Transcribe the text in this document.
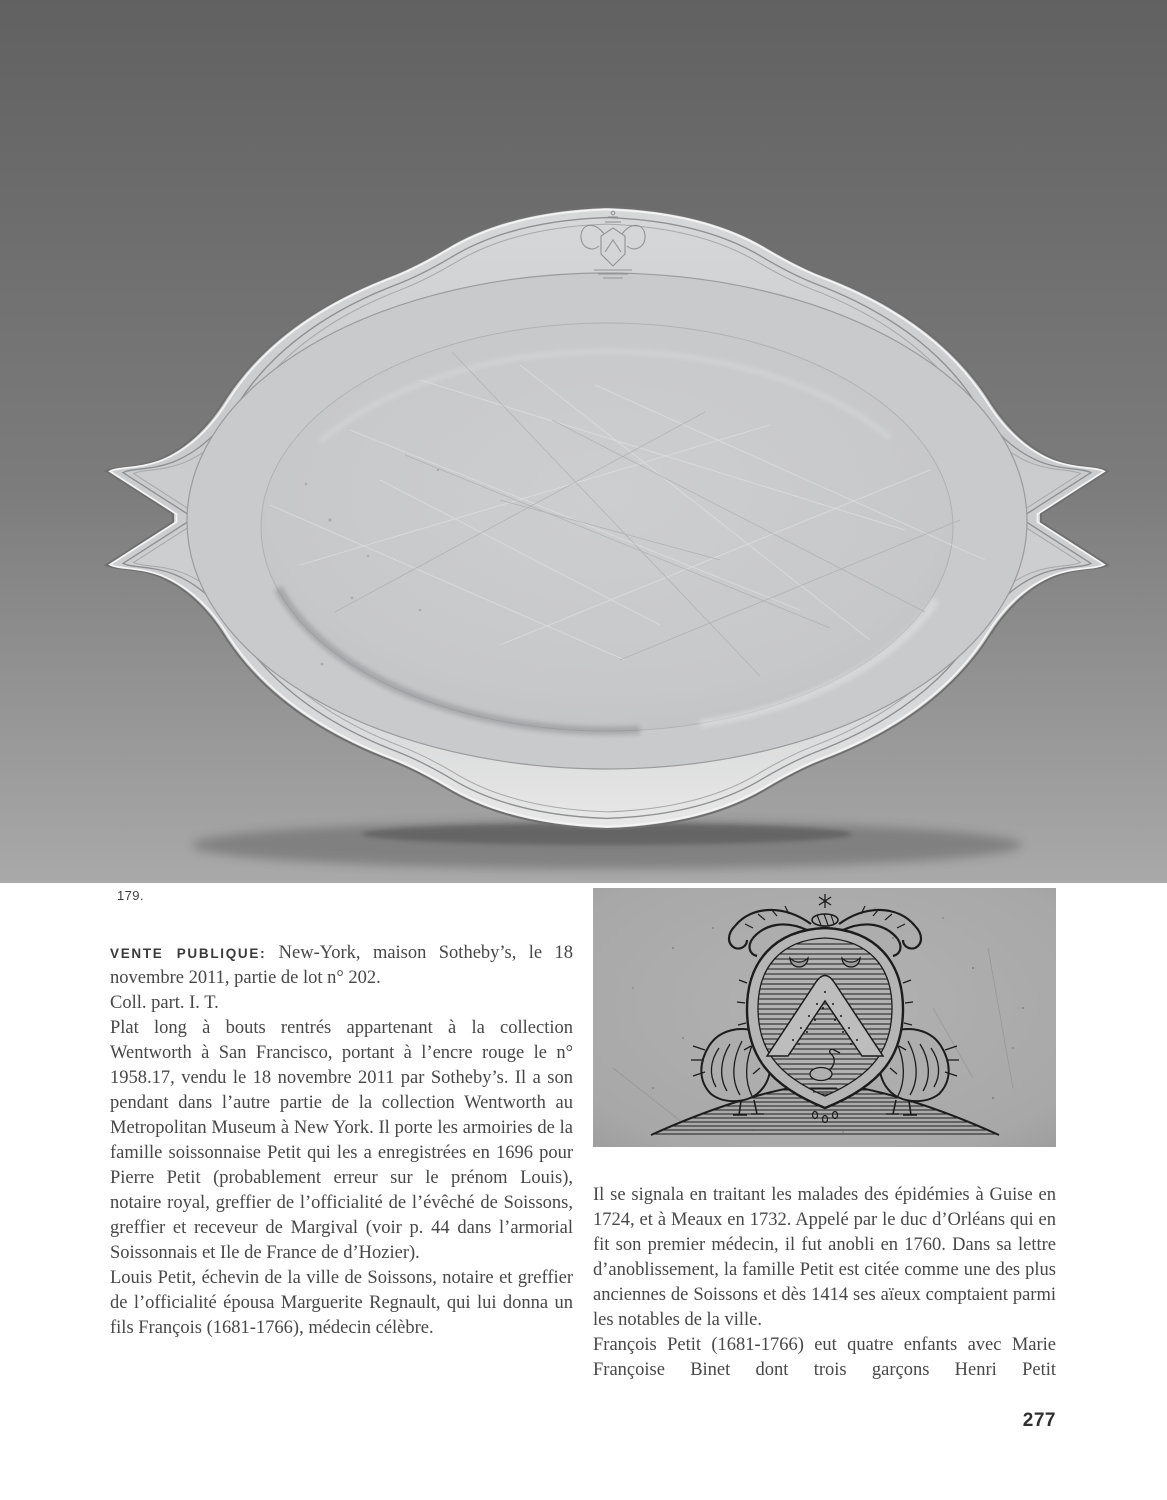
179.

VENTE PUBLIQUE: New-York, maison Sotheby’s, le 18 novembre 2011, partie de lot n° 202.

Coll. part. I. T.

Plat long à bouts rentrés appartenant à la collection Wentworth à San Francisco, portant à l’encre rouge le n° 1958.17, vendu le 18 novembre 2011 par Sotheby’s. Il a son pendant dans l’autre partie de la collection Wentworth au Metropolitan Museum à New York. Il porte les armoiries de la famille soissonnaise Petit qui les a enregistrées en 1696 pour Pierre Petit (probablement erreur sur le prénom Louis), notaire royal, greffier de l’officialité de l’évêché de Soissons, greffier et receveur de Margival (voir p. 44 dans l’armorial Soissonnais et Ile de France de d’Hozier).

Louis Petit, échevin de la ville de Soissons, notaire et greffier de l’officialité épousa Marguerite Regnault, qui lui donna un fils François (1681-1766), médecin célèbre.

Il se signala en traitant les malades des épidémies à Guise en 1724, et à Meaux en 1732. Appelé par le duc d’Orléans qui en fit son premier médecin, il fut anobli en 1760. Dans sa lettre d’anoblissement, la famille Petit est citée comme une des plus anciennes de Soissons et dès 1414 ses aïeux comptaient parmi les notables de la ville.

François Petit (1681-1766) eut quatre enfants avec Marie Françoise Binet dont trois garçons Henri Petit

277
